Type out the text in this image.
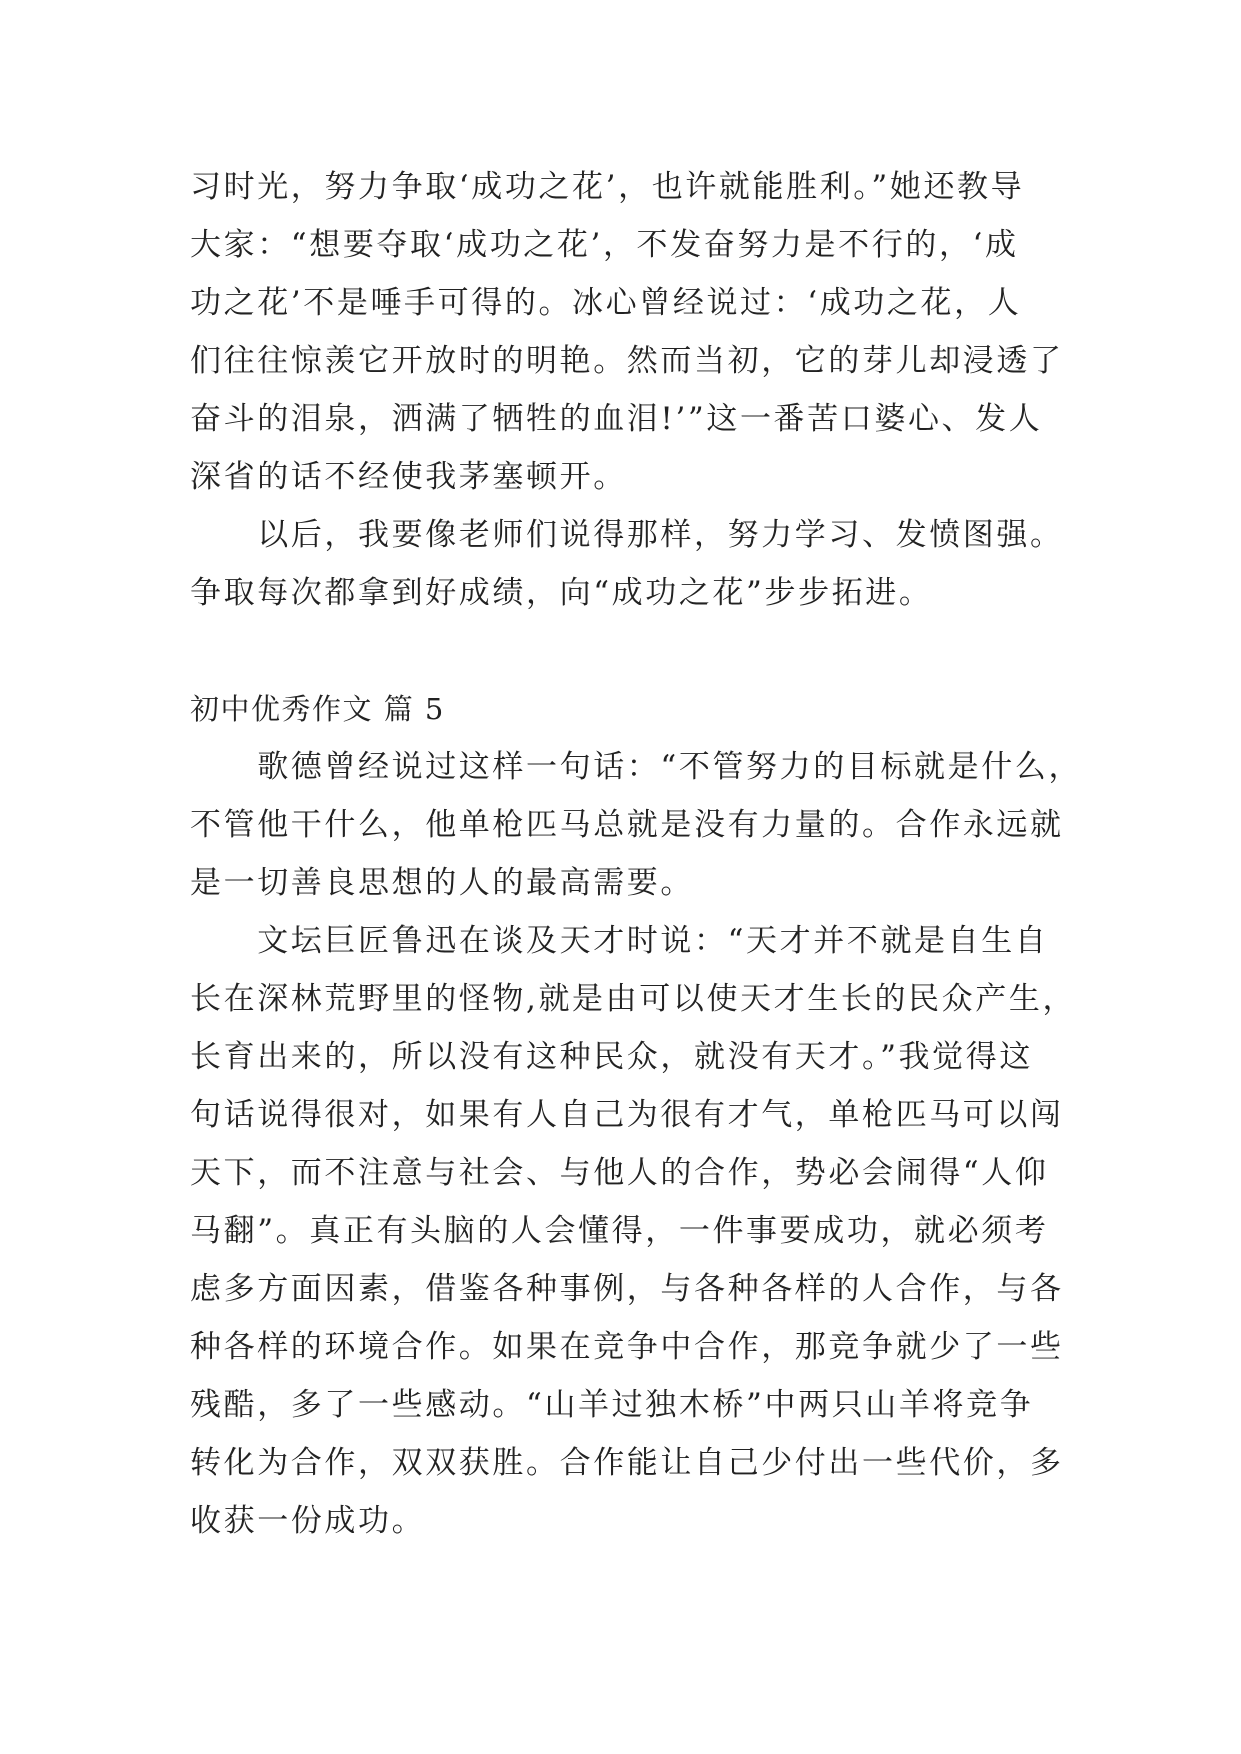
习时光，努力争取‘成功之花’，也许就能胜利。”她还教导
大家：“想要夺取‘成功之花’，不发奋努力是不行的，‘成
功之花’不是唾手可得的。冰心曾经说过：‘成功之花，人
们往往惊羡它开放时的明艳。然而当初，它的芽儿却浸透了
奋斗的泪泉，洒满了牺牲的血泪!’”这一番苦口婆心、发人
深省的话不经使我茅塞顿开。
　　以后，我要像老师们说得那样，努力学习、发愤图强。
争取每次都拿到好成绩，向“成功之花”步步拓进。
初中优秀作文 篇 5
　　歌德曾经说过这样一句话：“不管努力的目标就是什么，
不管他干什么，他单枪匹马总就是没有力量的。合作永远就
是一切善良思想的人的最高需要。
　　文坛巨匠鲁迅在谈及天才时说：“天才并不就是自生自
长在深林荒野里的怪物,就是由可以使天才生长的民众产生，
长育出来的，所以没有这种民众，就没有天才。”我觉得这
句话说得很对，如果有人自己为很有才气，单枪匹马可以闯
天下，而不注意与社会、与他人的合作，势必会闹得“人仰
马翻”。真正有头脑的人会懂得，一件事要成功，就必须考
虑多方面因素，借鉴各种事例，与各种各样的人合作，与各
种各样的环境合作。如果在竞争中合作，那竞争就少了一些
残酷，多了一些感动。“山羊过独木桥”中两只山羊将竞争
转化为合作，双双获胜。合作能让自己少付出一些代价，多
收获一份成功。
